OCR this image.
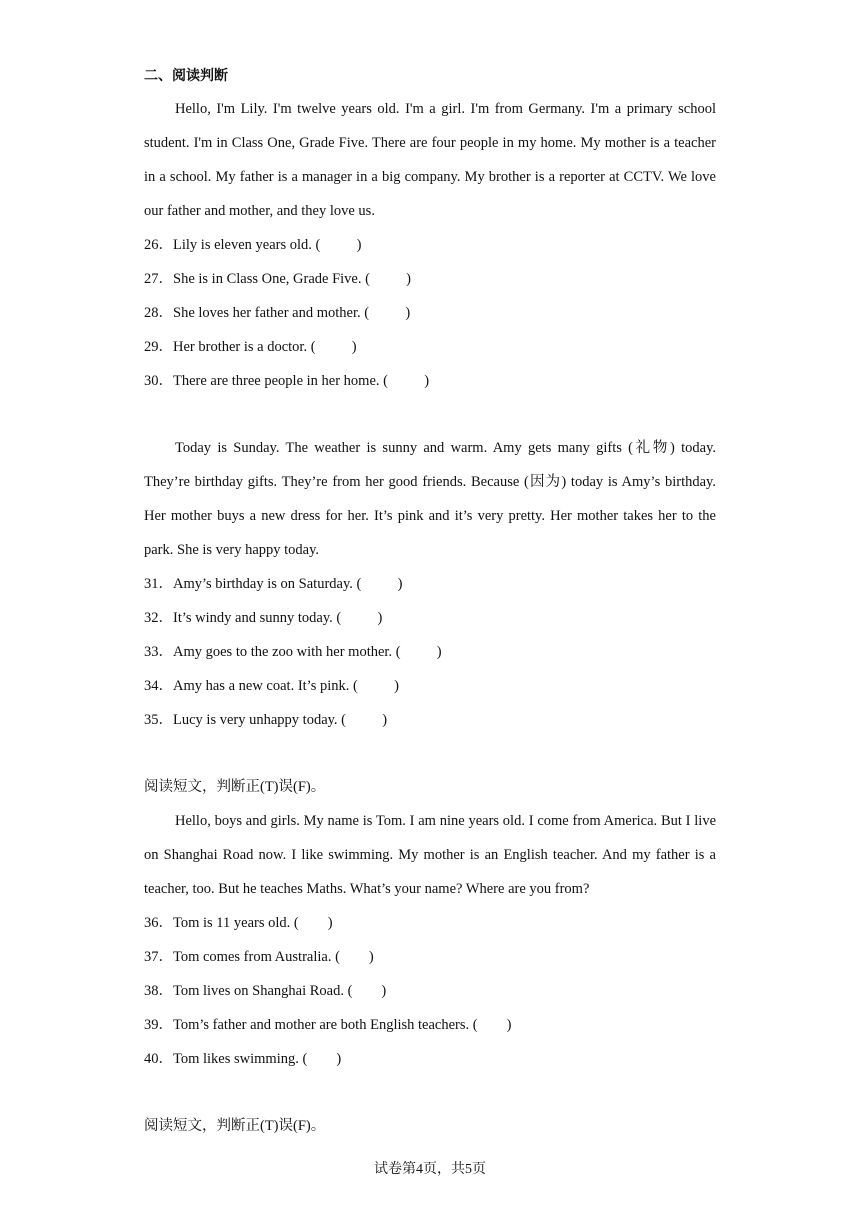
二、阅读判断

Hello, I'm Lily. I'm twelve years old. I'm a girl. I'm from Germany. I'm a primary school student. I'm in Class One, Grade Five. There are four people in my home. My mother is a teacher in a school. My father is a manager in a big company. My brother is a reporter at CCTV. We love our father and mother, and they love us.

26．Lily is eleven years old. (          )

27．She is in Class One, Grade Five. (          )

28．She loves her father and mother. (          )

29．Her brother is a doctor. (          )

30．There are three people in her home. (          )

Today is Sunday. The weather is sunny and warm. Amy gets many gifts (礼物) today. They’re birthday gifts. They’re from her good friends. Because (因为) today is Amy’s birthday. Her mother buys a new dress for her. It’s pink and it’s very pretty. Her mother takes her to the park. She is very happy today.

31．Amy’s birthday is on Saturday. (          )

32．It’s windy and sunny today. (          )

33．Amy goes to the zoo with her mother. (          )

34．Amy has a new coat. It’s pink. (          )

35．Lucy is very unhappy today. (          )

阅读短文，判断正(T)误(F)。

Hello, boys and girls. My name is Tom. I am nine years old. I come from America. But I live on Shanghai Road now. I like swimming. My mother is an English teacher. And my father is a teacher, too. But he teaches Maths. What’s your name? Where are you from?

36．Tom is 11 years old. (        )

37．Tom comes from Australia. (        )

38．Tom lives on Shanghai Road. (        )

39．Tom’s father and mother are both English teachers. (        )

40．Tom likes swimming. (        )

阅读短文，判断正(T)误(F)。

试卷第4页，共5页
